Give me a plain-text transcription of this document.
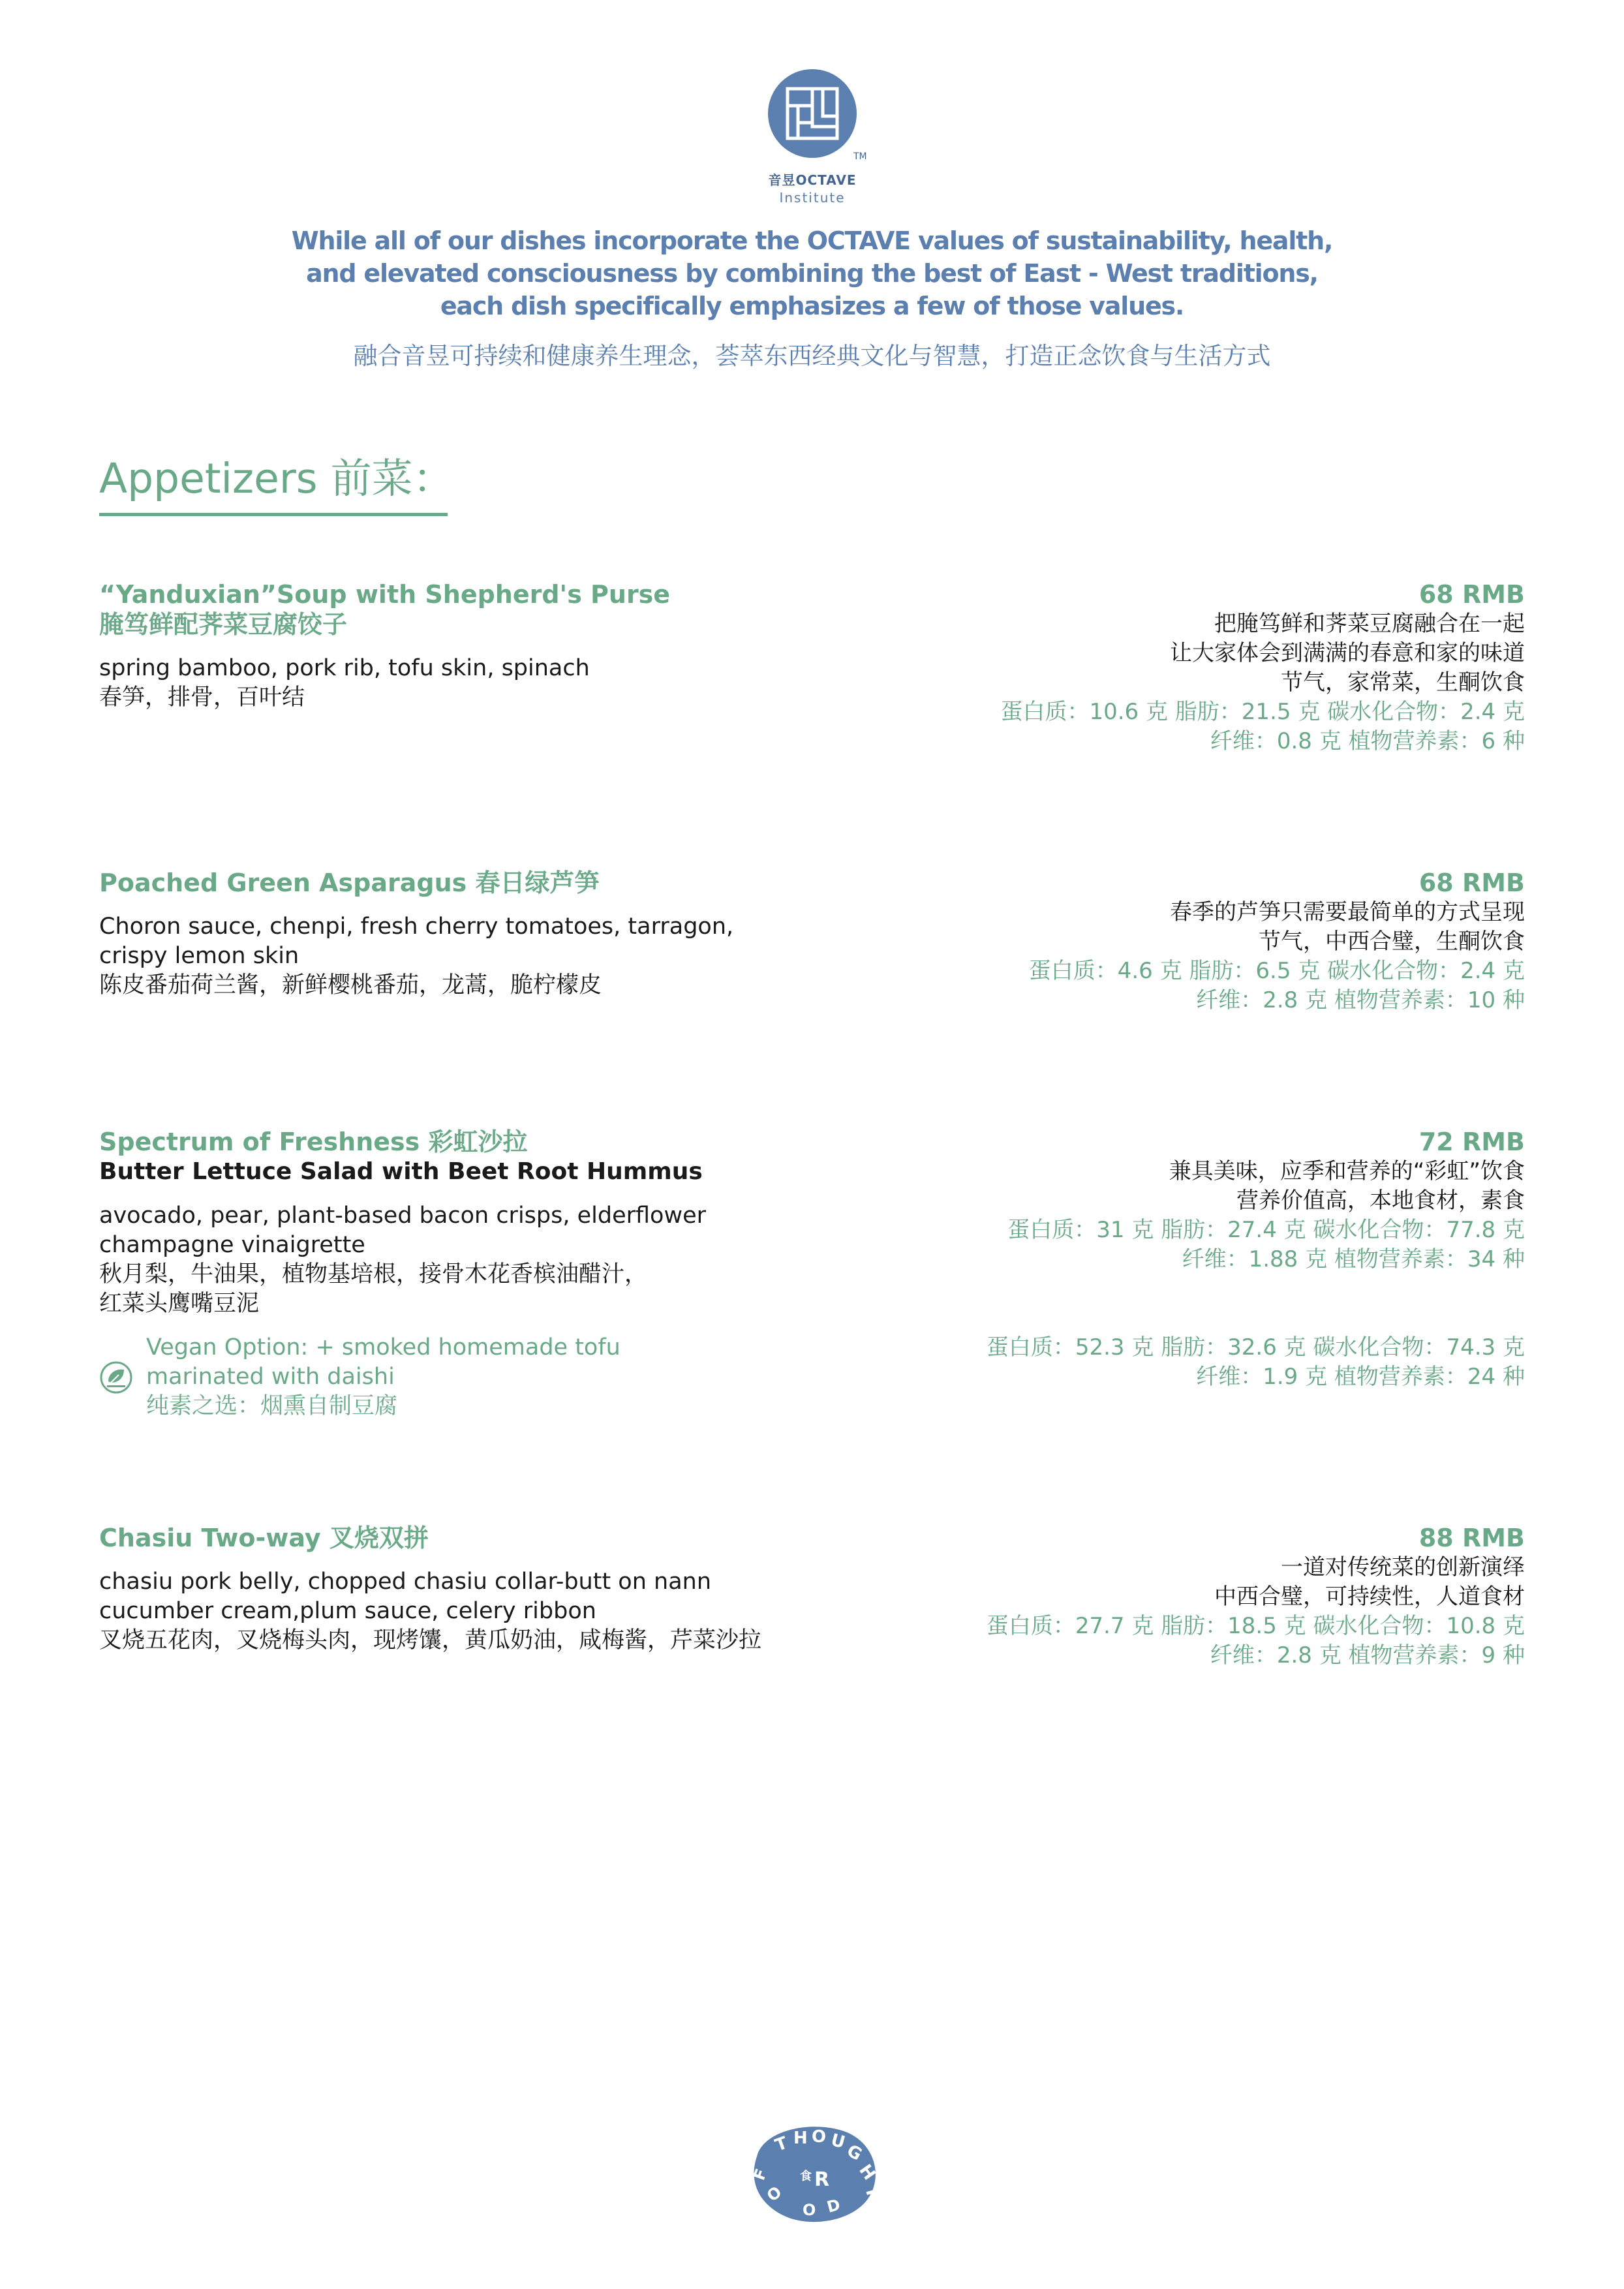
TM
音昱OCTAVE
Institute
While all of our dishes incorporate the OCTAVE values of sustainability, health,
and elevated consciousness by combining the best of East - West traditions,
each dish specifically emphasizes a few of those values.
融合音昱可持续和健康养生理念，荟萃东西经典文化与智慧，打造正念饮食与生活方式
Appetizers 前菜：
“Yanduxian”Soup with Shepherd's Purse
腌笃鲜配荠菜豆腐饺子
spring bamboo, pork rib, tofu skin, spinach
春笋，排骨，百叶结
68 RMB
把腌笃鲜和荠菜豆腐融合在一起
让大家体会到满满的春意和家的味道
节气，家常菜，生酮饮食
蛋白质：10.6 克 脂肪：21.5 克 碳水化合物：2.4 克
纤维：0.8 克 植物营养素：6 种
Poached Green Asparagus 春日绿芦笋
Choron sauce, chenpi, fresh cherry tomatoes, tarragon,
crispy lemon skin
陈皮番茄荷兰酱，新鲜樱桃番茄，龙蒿，脆柠檬皮
68 RMB
春季的芦笋只需要最简单的方式呈现
节气，中西合璧，生酮饮食
蛋白质：4.6 克 脂肪：6.5 克 碳水化合物：2.4 克
纤维：2.8 克 植物营养素：10 种
Spectrum of Freshness 彩虹沙拉
Butter Lettuce Salad with Beet Root Hummus
avocado, pear, plant-based bacon crisps, elderflower
champagne vinaigrette
秋月梨，牛油果，植物基培根，接骨木花香槟油醋汁，
红菜头鹰嘴豆泥
72 RMB
兼具美味，应季和营养的“彩虹”饮食
营养价值高，本地食材，素食
蛋白质：31 克 脂肪：27.4 克 碳水化合物：77.8 克
纤维：1.88 克 植物营养素：34 种
Vegan Option: + smoked homemade tofu
marinated with daishi
纯素之选：烟熏自制豆腐
蛋白质：52.3 克 脂肪：32.6 克 碳水化合物：74.3 克
纤维：1.9 克 植物营养素：24 种
Chasiu Two-way 叉烧双拼
chasiu pork belly, chopped chasiu collar-butt on nann
cucumber cream,plum sauce, celery ribbon
叉烧五花肉，叉烧梅头肉，现烤馕，黄瓜奶油，咸梅酱，芹菜沙拉
88 RMB
一道对传统菜的创新演绎
中西合璧，可持续性，人道食材
蛋白质：27.7 克 脂肪：18.5 克 碳水化合物：10.8 克
纤维：2.8 克 植物营养素：9 种
T H O U
G
H
T
F
O
O D
R
食
